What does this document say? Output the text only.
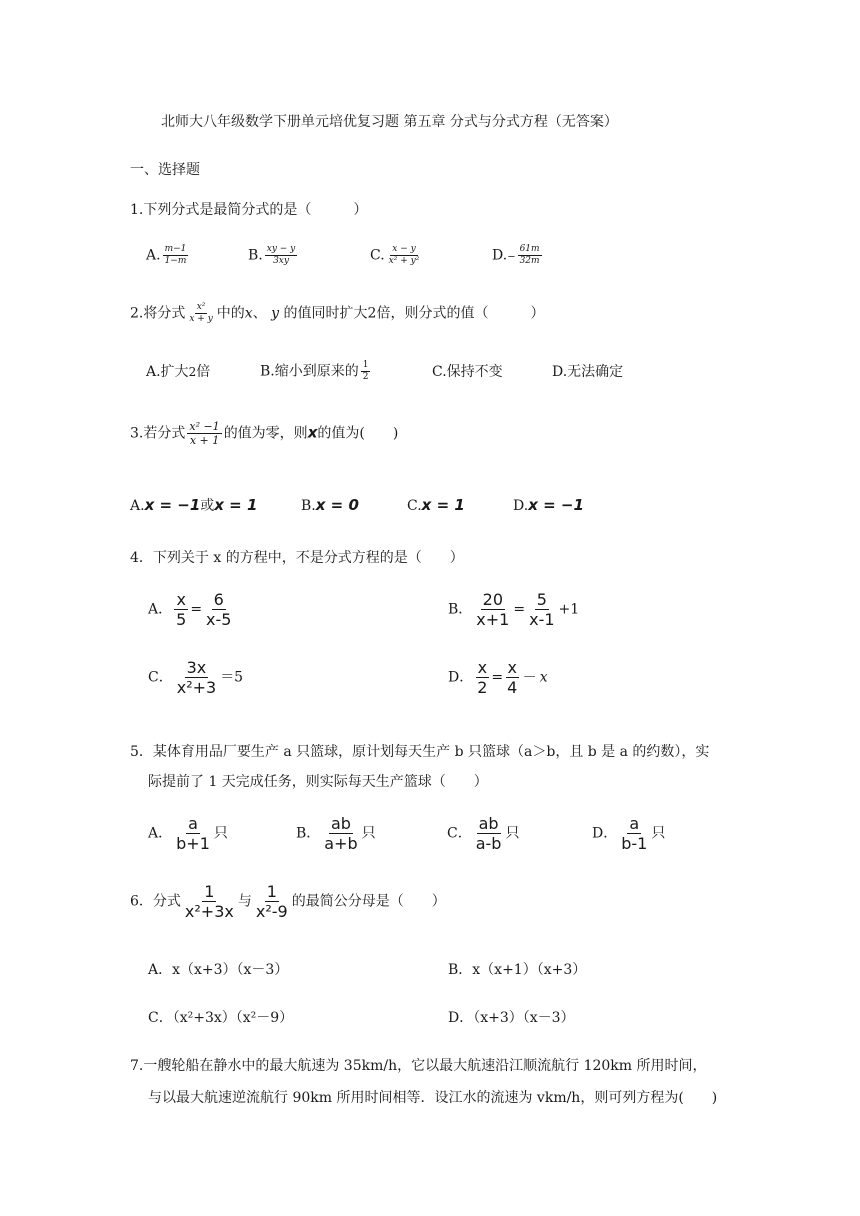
北师大八年级数学下册单元培优复习题 第五章 分式与分式方程（无答案）
一、选择题
1.下列分式是最简分式的是（　　　）
A. $\frac{m-1}{1-m}$	B. $\frac{xy - y}{3xy}$	C. $\frac{x - y}{\text{x² + y²}}$	$D.- \frac{61m}{32m}$
2.将分式 $\frac{\text{x²}}{x + y}$ 中的x、 y 的值同时扩大2倍，则分式的值（　　　）
A.扩大2倍	B.缩小到原来的 $\frac{1}{2}$	C.保持不变	D.无法确定
3.若分式 $\frac{\text{x² −1}}{x + 1}$ 的值为零，则x的值为(　　)
A.x = −1或x = 1	B.x = 0	C.x = 1	D.x = −1
4．下列关于 x 的方程中，不是分式方程的是（　　）
A． $\frac{x}{5} = \frac{6}{x-5}$	B． $\frac{20}{x+1} = \frac{5}{x-1} +1$
C． $\frac{3x}{\text{x²+3}} =5$	D． $\frac{x}{2} = \frac{x}{4} - x$
5．某体育用品厂要生产 a 只篮球，原计划每天生产 b 只篮球（a＞b，且 b 是 a 的约数），实
际提前了 1 天完成任务，则实际每天生产篮球（　　）
A． $\frac{a}{b+1}$ 只	B． $\frac{ab}{a+b}$ 只	C． $\frac{ab}{a-b}$ 只	D． $\frac{a}{b-1}$ 只
6．分式 $\frac{1}{\text{x²+3x}}$ 与 $\frac{1}{\text{x²-9}}$ 的最简公分母是（　　）
A．x（x+3）（x－3）	B．x（x+1）（x+3）
C．（x²+3x）（x²－9）	D．（x+3）（x－3）
7.一艘轮船在静水中的最大航速为 35km/h，它以最大航速沿江顺流航行 120km 所用时间，
与以最大航速逆流航行 90km 所用时间相等．设江水的流速为 vkm/h，则可列方程为(　　)
